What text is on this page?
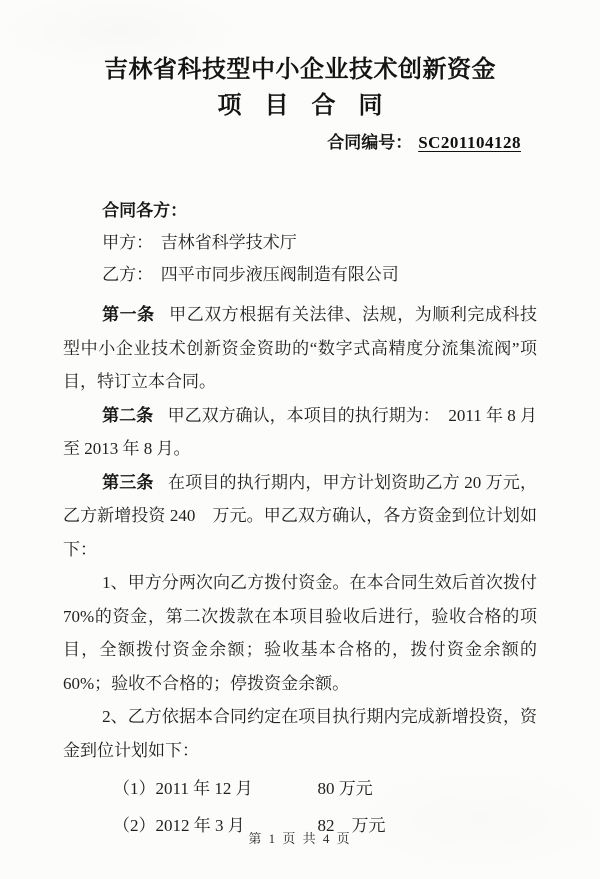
吉林省科技型中小企业技术创新资金
项目合同
合同编号： SC201104128

合同各方：

甲方： 吉林省科学技术厅

乙方： 四平市同步液压阀制造有限公司

第一条 甲乙双方根据有关法律、法规，为顺利完成科技型中小企业技术创新资金资助的“数字式高精度分流集流阀”项目，特订立本合同。

第二条 甲乙双方确认，本项目的执行期为：　2011 年 8 月 至 2013 年 8 月。

第三条 在项目的执行期内，甲方计划资助乙方 20 万元，乙方新增投资 240　万元。甲乙双方确认，各方资金到位计划如下：

1、甲方分两次向乙方拨付资金。在本合同生效后首次拨付 70%的资金，第二次拨款在本项目验收后进行，验收合格的项目，全额拨付资金余额；验收基本合格的，拨付资金余额的 60%；验收不合格的；停拨资金余额。

2、乙方依据本合同约定在项目执行期内完成新增投资，资金到位计划如下：

（1） 2011 年 12 月	80 万元
（2） 2012 年 3 月	82　万元
第 1 页 共 4 页
